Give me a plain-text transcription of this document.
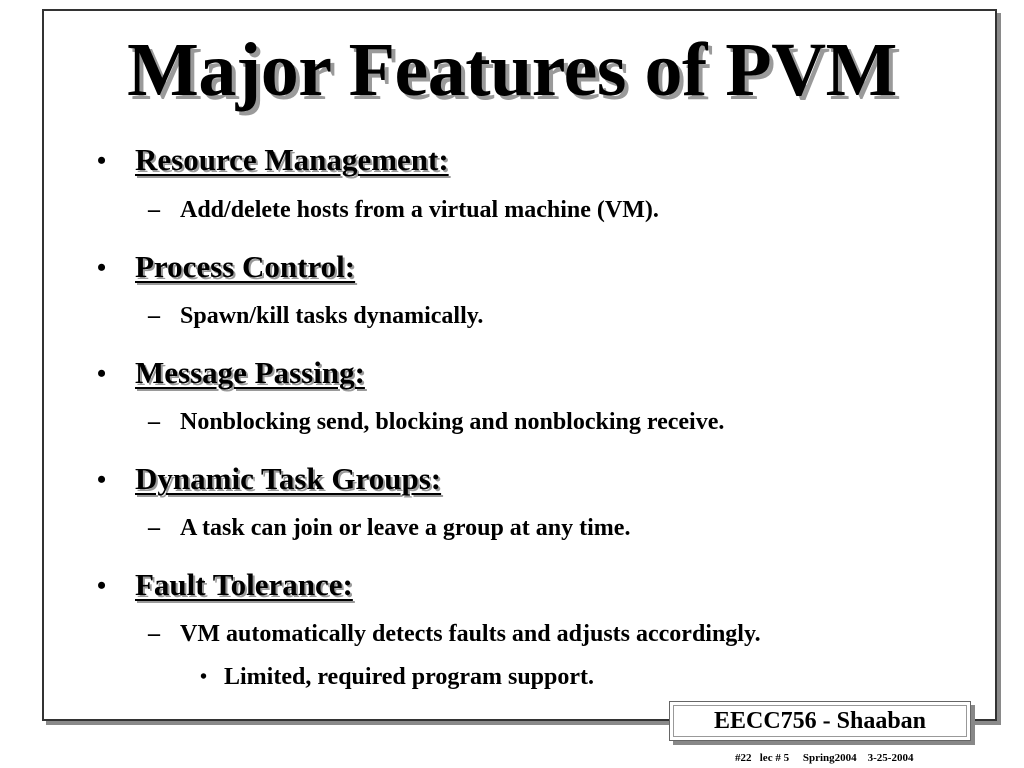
Major Features of PVM
• Resource Management:
– Add/delete hosts from a virtual machine (VM).
• Process Control:
– Spawn/kill tasks dynamically.
• Message Passing:
– Nonblocking send, blocking and nonblocking receive.
• Dynamic Task Groups:
– A task can join or leave a group at any time.
• Fault Tolerance:
– VM automatically detects faults and adjusts accordingly.
• Limited, required program support.
EECC756 - Shaaban
#22 lec # 5 Spring2004 3-25-2004
